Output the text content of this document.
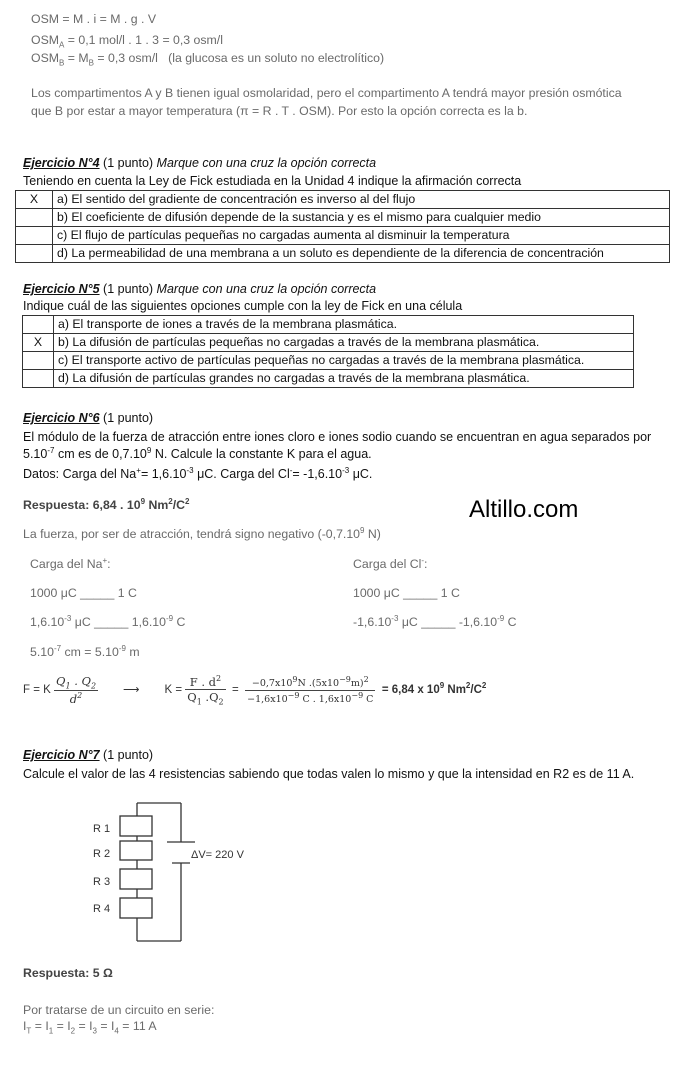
OSM = M . i = M . g . V
$OSM_A = 0,1$ mol/l . 1 . 3 = 0,3 osm/l
$OSM_B = M_B = 0,3$ osm/l   (la glucosa es un soluto no electrolítico)
Los compartimentos A y B tienen igual osmolaridad, pero el compartimento A tendrá mayor presión osmótica
que B por estar a mayor temperatura (π = R . T . OSM). Por esto la opción correcta es la b.
Ejercicio N°4 (1 punto) Marque con una cruz la opción correcta
Teniendo en cuenta la Ley de Fick estudiada en la Unidad 4 indique la afirmación correcta
X	a) El sentido del gradiente de concentración es inverso al del flujo
	b) El coeficiente de difusión depende de la sustancia y es el mismo para cualquier medio
	c) El flujo de partículas pequeñas no cargadas aumenta al disminuir la temperatura
	d) La permeabilidad de una membrana a un soluto es dependiente de la diferencia de concentración
Ejercicio N°5 (1 punto) Marque con una cruz la opción correcta
Indique cuál de las siguientes opciones cumple con la ley de Fick en una célula
	a) El transporte de iones a través de la membrana plasmática.
X	b) La difusión de partículas pequeñas no cargadas a través de la membrana plasmática.
	c) El transporte activo de partículas pequeñas no cargadas a través de la membrana plasmática.
	d) La difusión de partículas grandes no cargadas a través de la membrana plasmática.
Ejercicio N°6 (1 punto)
El módulo de la fuerza de atracción entre iones cloro e iones sodio cuando se encuentran en agua separados por
$5.10^{-7}$ cm es de 0,7.10$^9$ N. Calcule la constante K para el agua.
Datos: Carga del $Na^+= 1,6.10^{-3}$ μC. Carga del $Cl^-= -1,6.10^{-3}$ μC.
Respuesta: 6,84 . $10^9$ $Nm^2/C^2$	Altillo.com
La fuerza, por ser de atracción, tendrá signo negativo (-0,7.10$^9$ N)
Carga del Na+:	Carga del Cl-:
1000 μC _____ 1 C	1000 μC _____ 1 C
$1,6.10^{-3}$ μC _____ $1,6.10^{-9}$ C	$-1,6.10^{-3}$ μC _____ $-1,6.10^{-9}$ C
$5.10^{-7}$ cm = $5.10^{-9}$ m
F = K $\frac{Q_1 . Q_2}{d^2}$ ⟶ $K = \frac{F . d^2}{Q_1 .Q_2} = \frac{-0,7x10^9N .(5x10^{-9}m)^2}{-1,6x10^{-9} C . 1,6x10^{-9} C} = 6,84$ x $10^9$ $Nm^2/C^2$
Ejercicio N°7 (1 punto)
Calcule el valor de las 4 resistencias sabiendo que todas valen lo mismo y que la intensidad en R2 es de 11 A.
R 1
R 2
R 3
R 4
ΔV= 220 V
Respuesta: 5 Ω
Por tratarse de un circuito en serie:
$I_T = I_1 = I_2 = I_3 = I_4 = 11$ A
